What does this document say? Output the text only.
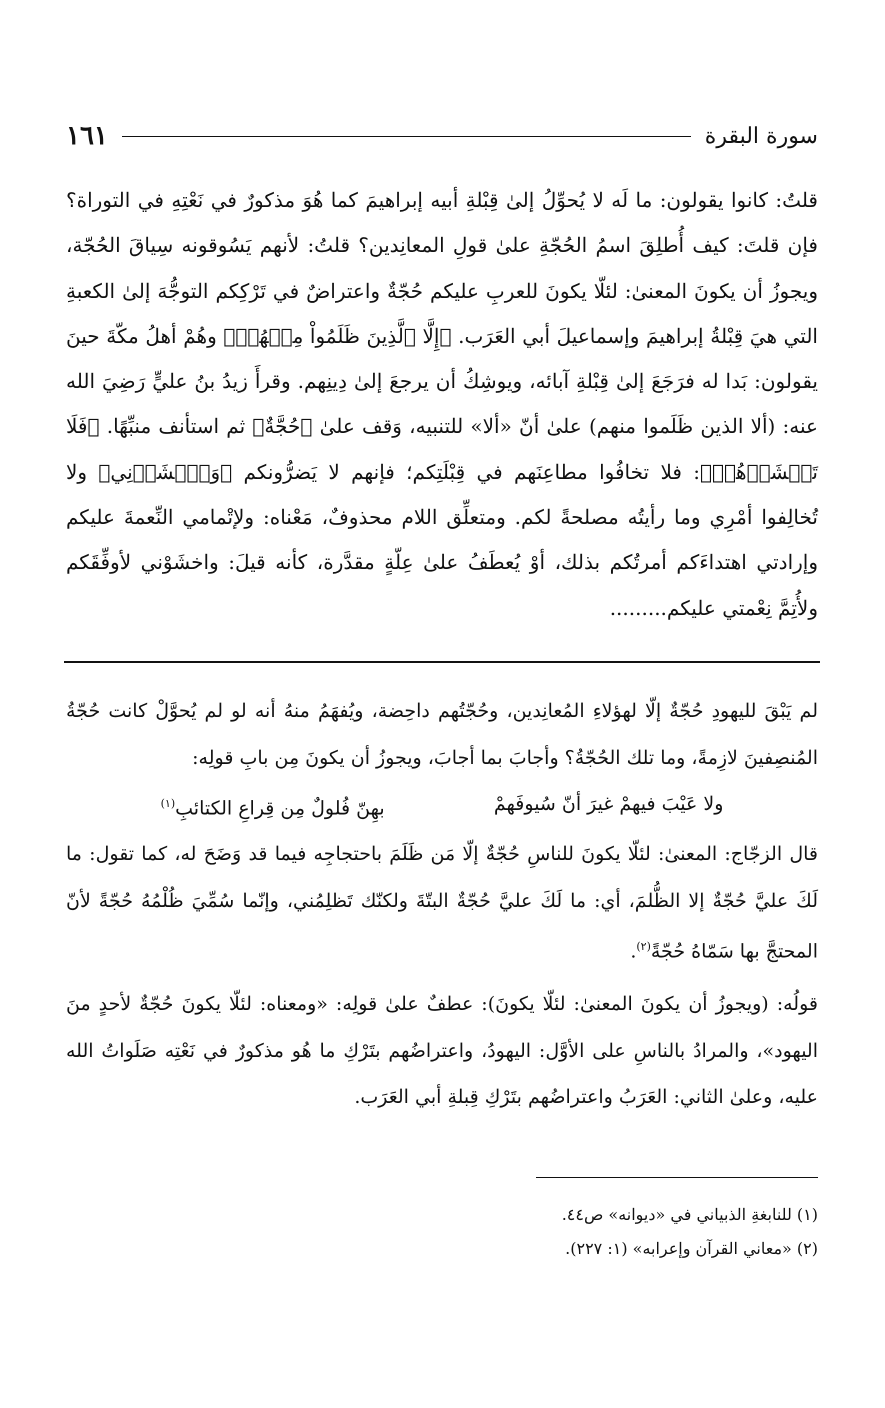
سورة البقرة
١٦١

قلتُ: كانوا يقولون: ما لَه لا يُحوِّلُ إلىٰ قِبْلةِ أبيه إبراهيمَ كما هُوَ مذكورٌ في نَعْتِهِ في التوراة؟ فإن قلتَ: كيف أُطلِقَ اسمُ الحُجّةِ علىٰ قولِ المعانِدين؟ قلتُ: لأنهم يَسُوقونه سِياقَ الحُجّة، ويجوزُ أن يكونَ المعنىٰ: لئلّا يكونَ للعربِ عليكم حُجّةٌ واعتراضٌ في تَرْكِكم التوجُّهَ إلىٰ الكعبةِ التي هيَ قِبْلةُ إبراهيمَ وإسماعيلَ أبي العَرَب. ﴿إِلَّا ٱلَّذِينَ ظَلَمُواْ مِنۡهُمۡ﴾ وهُمْ أهلُ مكّةَ حينَ يقولون: بَدا له فرَجَعَ إلىٰ قِبْلةِ آبائه، ويوشِكُ أن يرجعَ إلىٰ دِينِهم. وقرأَ زيدُ بنُ عليٍّ رَضِيَ الله عنه: (ألا الذين ظَلَموا منهم) علىٰ أنّ «ألا» للتنبيه، وَقف علىٰ ﴿حُجَّةٌ﴾ ثم استأنف منبِّهًا. ﴿فَلَا تَخۡشَوۡهُمۡ﴾: فلا تخافُوا مطاعِنَهم في قِبْلَتِكم؛ فإنهم لا يَضرُّونكم ﴿وَٱخۡشَوۡنِي﴾ ولا تُخالِفوا أمْرِي وما رأيتُه مصلحةً لكم. ومتعلِّق اللام محذوفٌ، مَعْناه: ولإتْمامي النِّعمةَ عليكم وإرادتي اهتداءَكم أمرتُكم بذلك، أوْ يُعطَفُ علىٰ عِلّةٍ مقدَّرة، كأنه قيلَ: واخشَوْني لأوفِّقَكم ولأُتِمَّ نِعْمتي عليكم.........

لم يَبْقَ لليهودِ حُجّةٌ إلّا لهؤلاءِ المُعانِدين، وحُجّتُهم داحِضة، ويُفهَمُ منهُ أنه لو لم يُحوَّلْ كانت حُجّةُ المُنصِفينَ لازِمةً، وما تلك الحُجّةُ؟ وأجابَ بما أجابَ، ويجوزُ أن يكونَ مِن بابِ قولِه:

ولا عَيْبَ فيهمْ غيرَ أنّ سُيوفَهمْ
بهِنّ فُلولٌ مِن قِراعِ الكتائبِ$^{(١)}$

قال الزجّاج: المعنىٰ: لئلّا يكونَ للناسِ حُجّةٌ إلّا مَن ظَلَمَ باحتجاجِه فيما قد وَضَحَ له، كما تقول: ما لَكَ عليَّ حُجّةٌ إلا الظُّلمَ، أي: ما لَكَ عليَّ حُجّةٌ البتّةَ ولكنّك تَظلِمُني، وإنّما سُمِّيَ ظُلْمُهُ حُجّةً لأنّ المحتجَّ بها سَمّاهُ حُجّةً$^{(٢)}$.

قولُه: (ويجوزُ أن يكونَ المعنىٰ: لئلّا يكونَ): عطفٌ علىٰ قولِه: «ومعناه: لئلّا يكونَ حُجّةٌ لأحدٍ منَ اليهود»، والمرادُ بالناسِ على الأوَّل: اليهودُ، واعتراضُهم بتَرْكِ ما هُو مذكورٌ في نَعْتِه صَلَواتُ الله عليه، وعلىٰ الثاني: العَرَبُ واعتراضُهم بتَرْكِ قِبلةِ أبي العَرَب.

(١) للنابغةِ الذبياني في «ديوانه» ص٤٤.
(٢) «معاني القرآن وإعرابه» (١: ٢٢٧).
